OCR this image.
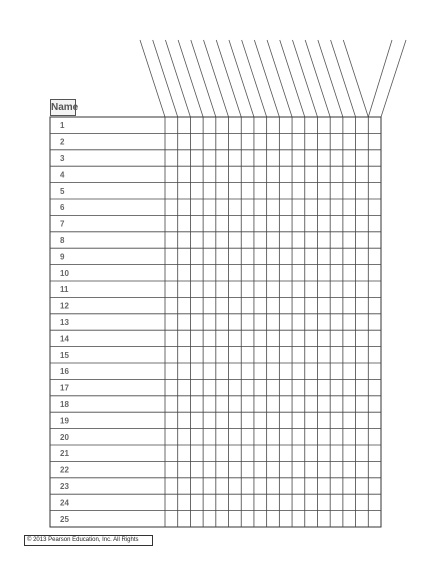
1
2
3
4
5
6
7
8
9
10
11
12
13
14
15
16
17
18
19
20
21
22
23
24
25
Name
© 2013 Pearson Education, Inc. All Rights
